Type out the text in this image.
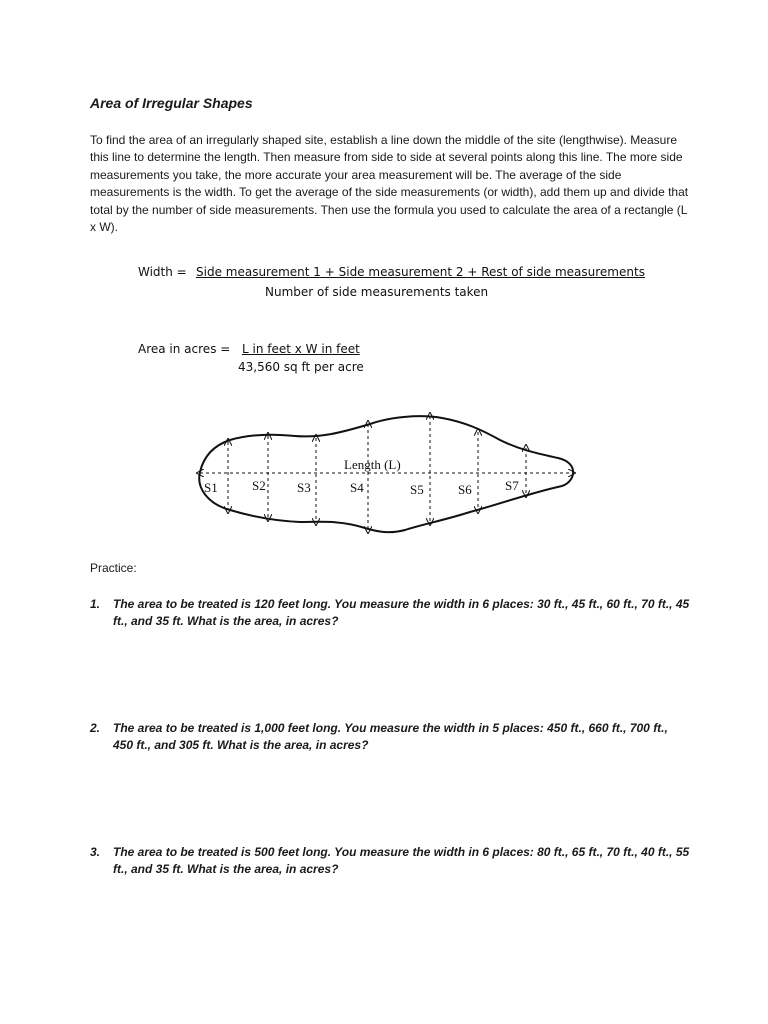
Area of Irregular Shapes

To find the area of an irregularly shaped site, establish a line down the middle of the site (lengthwise). Measure this line to determine the length. Then measure from side to side at several points along this line. The more side measurements you take, the more accurate your area measurement will be. The average of the side measurements is the width. To get the average of the side measurements (or width), add them up and divide that total by the number of side measurements. Then use the formula you used to calculate the area of a rectangle (L x W).

Width = Side measurement 1 + Side measurement 2 + Rest of side measurements
Number of side measurements taken
Area in acres = L in feet x W in feet
43,560 sq ft per acre
Length (L)
S1	S2 S3	S4	S5	S6	S7

Practice:

1. The area to be treated is 120 feet long. You measure the width in 6 places: 30 ft., 45 ft., 60 ft., 70 ft., 45 ft., and 35 ft. What is the area, in acres?
2. The area to be treated is 1,000 feet long. You measure the width in 5 places: 450 ft., 660 ft., 700 ft., 450 ft., and 305 ft. What is the area, in acres?
3. The area to be treated is 500 feet long. You measure the width in 6 places: 80 ft., 65 ft., 70 ft., 40 ft., 55 ft., and 35 ft. What is the area, in acres?
